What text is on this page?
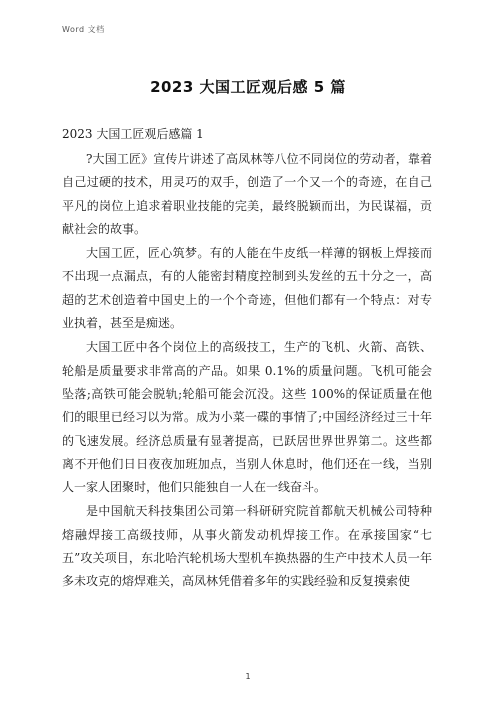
Word 文档
2023 大国工匠观后感 5 篇
2023 大国工匠观后感篇 1

?大国工匠》宣传片讲述了高凤林等八位不同岗位的劳动者，靠着自己过硬的技术，用灵巧的双手，创造了一个又一个的奇迹，在自己平凡的岗位上追求着职业技能的完美，最终脱颖而出，为民谋福，贡献社会的故事。

大国工匠，匠心筑梦。有的人能在牛皮纸一样薄的钢板上焊接而不出现一点漏点，有的人能密封精度控制到头发丝的五十分之一，高超的艺术创造着中国史上的一个个奇迹，但他们都有一个特点：对专业执着，甚至是痴迷。

大国工匠中各个岗位上的高级技工，生产的飞机、火箭、高铁、轮船是质量要求非常高的产品。如果 0.1%的质量问题。飞机可能会坠落;高铁可能会脱轨;轮船可能会沉没。这些 100%的保证质量在他们的眼里已经习以为常。成为小菜一碟的事情了;中国经济经过三十年的飞速发展。经济总质量有显著提高，已跃居世界世界第二。这些都离不开他们日日夜夜加班加点，当别人休息时，他们还在一线，当别人一家人团聚时，他们只能独自一人在一线奋斗。

是中国航天科技集团公司第一科研研究院首都航天机械公司特种熔融焊接工高级技师，从事火箭发动机焊接工作。在承接国家“七五”攻关项目，东北哈汽轮机场大型机车换热器的生产中技术人员一年多未攻克的熔焊难关，高凤林凭借着多年的实践经验和反复摸索使

1
